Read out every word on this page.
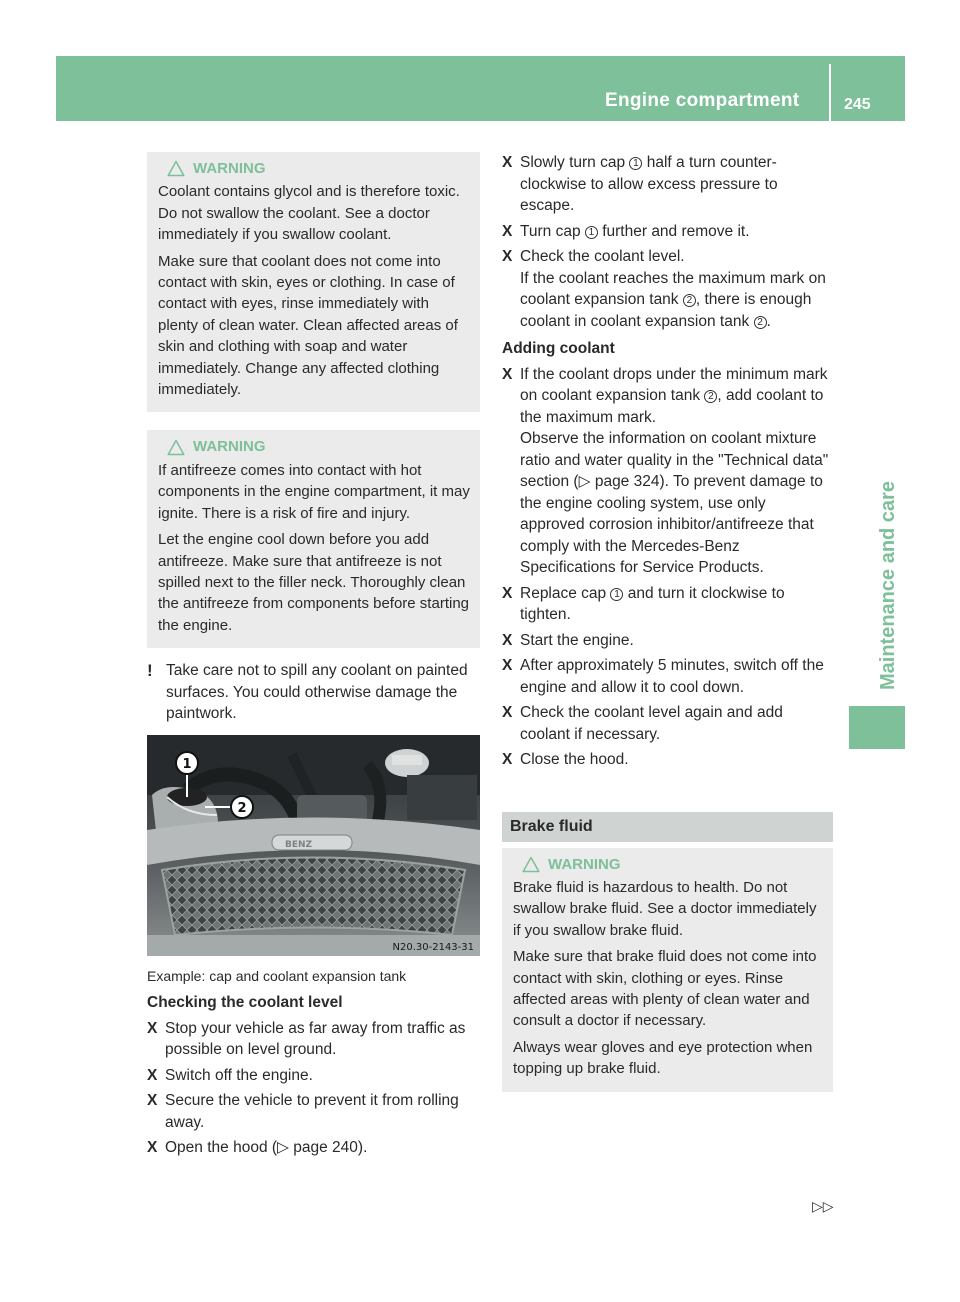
Engine compartment	245
Maintenance and care
WARNING

Coolant contains glycol and is therefore toxic. Do not swallow the coolant. See a doctor immediately if you swallow coolant.

Make sure that coolant does not come into contact with skin, eyes or clothing. In case of contact with eyes, rinse immediately with plenty of clean water. Clean affected areas of skin and clothing with soap and water immediately. Change any affected clothing immediately.

WARNING

If antifreeze comes into contact with hot components in the engine compartment, it may ignite. There is a risk of fire and injury.

Let the engine cool down before you add antifreeze. Make sure that antifreeze is not spilled next to the filler neck. Thoroughly clean the antifreeze from components before starting the engine.

! Take care not to spill any coolant on painted surfaces. You could otherwise damage the paintwork.
BENZ
1
2
N20.30-2143-31
Example: cap and coolant expansion tank
Checking the coolant level
X Stop your vehicle as far away from traffic as possible on level ground.
X Switch off the engine.
X Secure the vehicle to prevent it from rolling away.
X Open the hood (▷ page 240).
X Slowly turn cap 1 half a turn counter-clockwise to allow excess pressure to escape.
X Turn cap 1 further and remove it.
X Check the coolant level.
If the coolant reaches the maximum mark on coolant expansion tank 2 , there is enough coolant in coolant expansion tank 2 .
Adding coolant
X If the coolant drops under the minimum mark on coolant expansion tank 2 , add coolant to the maximum mark.
Observe the information on coolant mixture ratio and water quality in the "Technical data" section (▷ page 324). To prevent damage to the engine cooling system, use only approved corrosion inhibitor/antifreeze that comply with the Mercedes-Benz Specifications for Service Products.
X Replace cap 1 and turn it clockwise to tighten.
X Start the engine.
X After approximately 5 minutes, switch off the engine and allow it to cool down.
X Check the coolant level again and add coolant if necessary.
X Close the hood.
Brake fluid
WARNING

Brake fluid is hazardous to health. Do not swallow brake fluid. See a doctor immediately if you swallow brake fluid.

Make sure that brake fluid does not come into contact with skin, clothing or eyes. Rinse affected areas with plenty of clean water and consult a doctor if necessary.

Always wear gloves and eye protection when topping up brake fluid.

▷▷
